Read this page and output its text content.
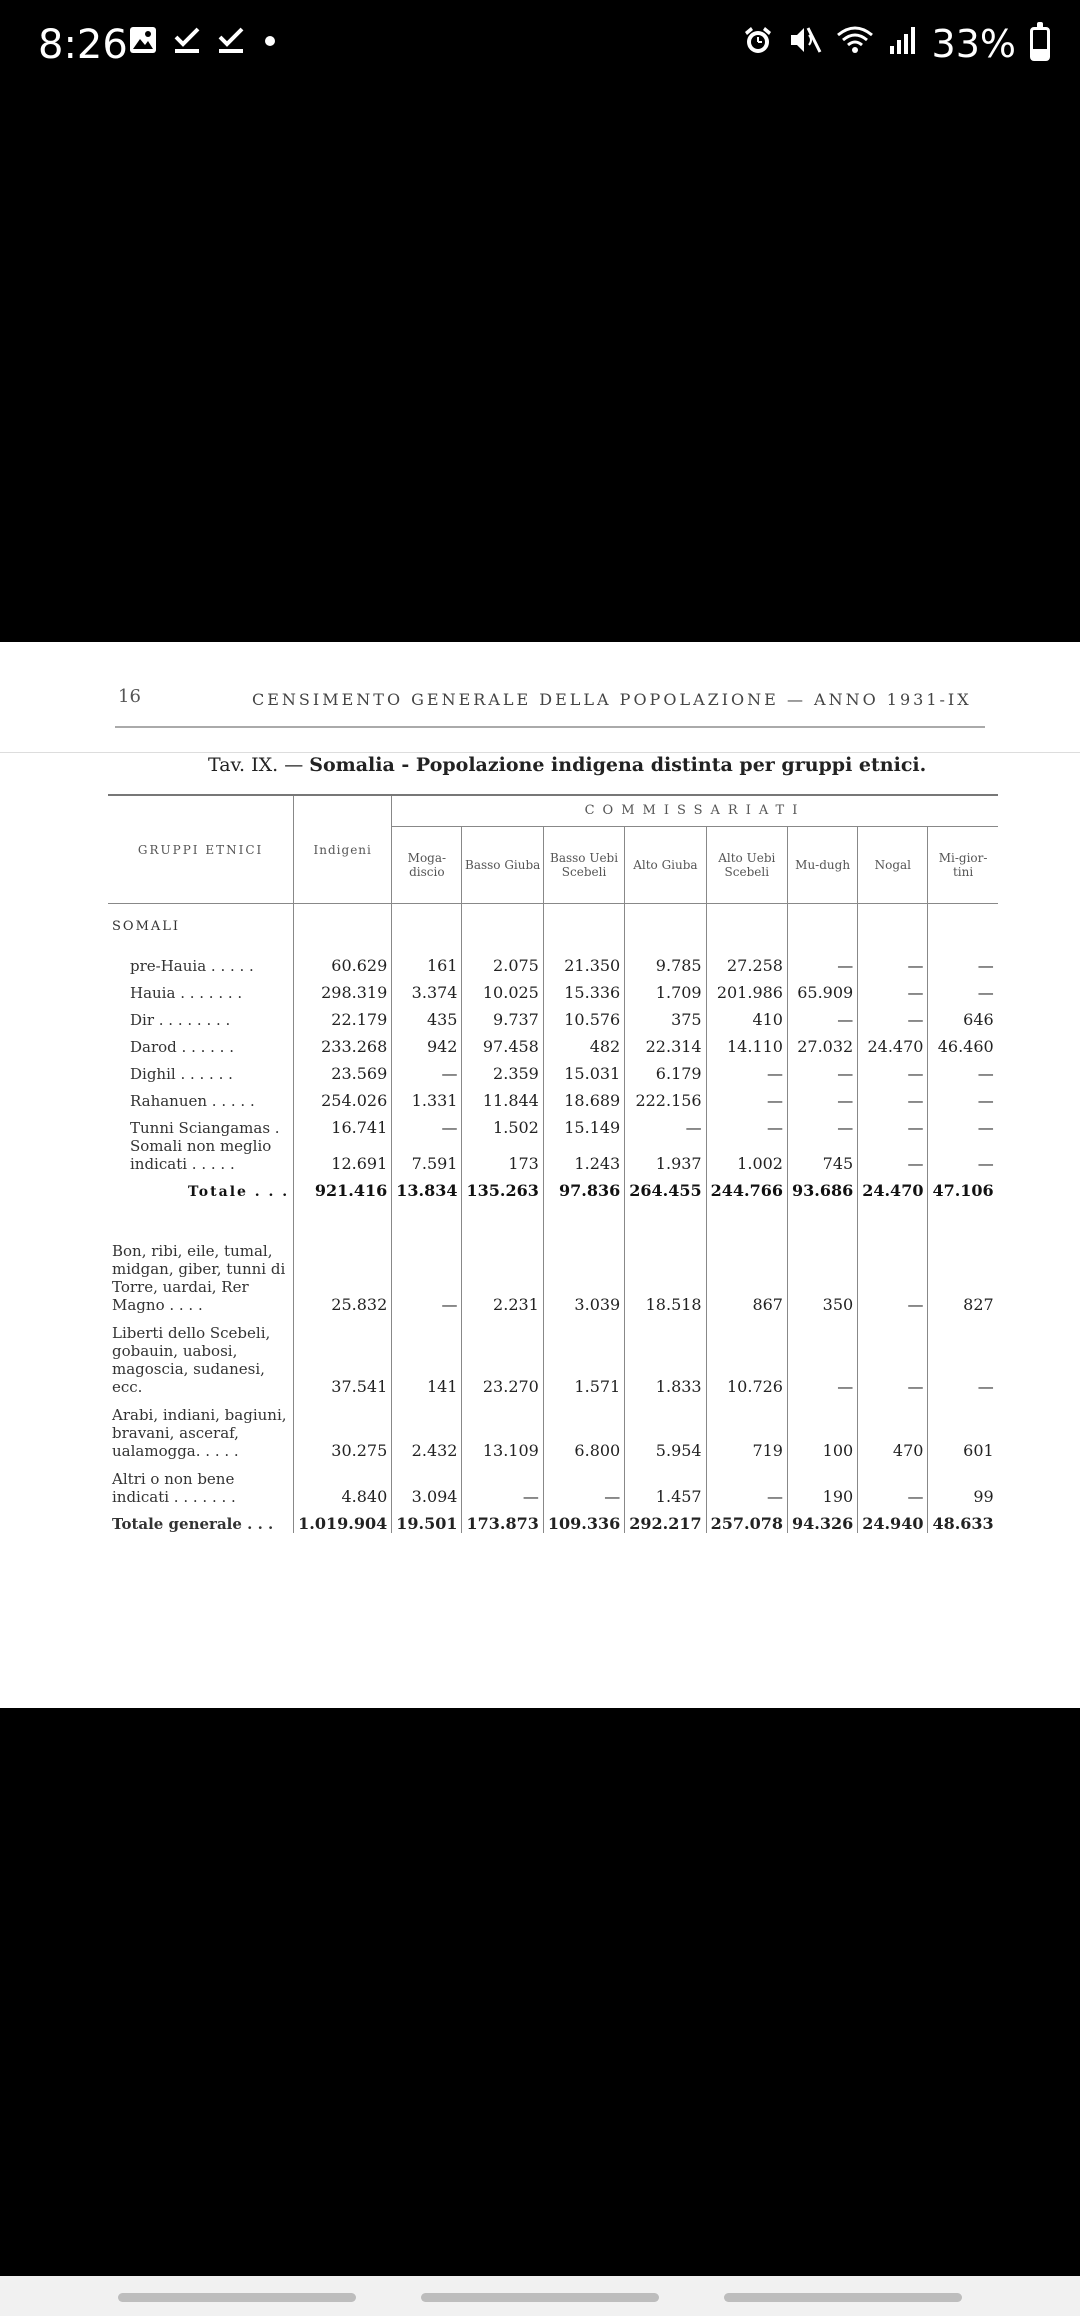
8:26	33%
16	CENSIMENTO GENERALE DELLA POPOLAZIONE — ANNO 1931-IX
Tav. IX. — Somalia - Popolazione indigena distinta per gruppi etnici.
GRUPPI ETNICI	Indigeni	COMMISSARIATI							
		Moga-discio	Basso Giuba	Basso Uebi Scebeli	Alto Giuba	Alto Uebi Scebeli	Mu-dugh	Nogal	Mi-gior-tini
SOMALI									
pre-Hauia . . . . .	60.629	161	2.075	21.350	9.785	27.258	—	—	—
Hauia . . . . . . .	298.319	3.374	10.025	15.336	1.709	201.986	65.909	—	—
Dir . . . . . . . .	22.179	435	9.737	10.576	375	410	—	—	646
Darod . . . . . .	233.268	942	97.458	482	22.314	14.110	27.032	24.470	46.460
Dighil . . . . . .	23.569	—	2.359	15.031	6.179	—	—	—	—
Rahanuen . . . . .	254.026	1.331	11.844	18.689	222.156	—	—	—	—
Tunni Sciangamas .	16.741	—	1.502	15.149	—	—	—	—	—
Somali non meglio indicati . . . . .	12.691	7.591	173	1.243	1.937	1.002	745	—	—
Totale . . .	921.416	13.834	135.263	97.836	264.455	244.766	93.686	24.470	47.106

Bon, ribi, eile, tumal, midgan, giber, tunni di Torre, uardai, Rer Magno . . . .	25.832	—	2.231	3.039	18.518	867	350	—	827
Liberti dello Scebeli, gobauin, uabosi, magoscia, sudanesi, ecc.	37.541	141	23.270	1.571	1.833	10.726	—	—	—
Arabi, indiani, bagiuni, bravani, asceraf, ualamogga. . . . .	30.275	2.432	13.109	6.800	5.954	719	100	470	601
Altri o non bene indicati . . . . . . .	4.840	3.094	—	—	1.457	—	190	—	99
Totale generale . . .	1.019.904	19.501	173.873	109.336	292.217	257.078	94.326	24.940	48.633
